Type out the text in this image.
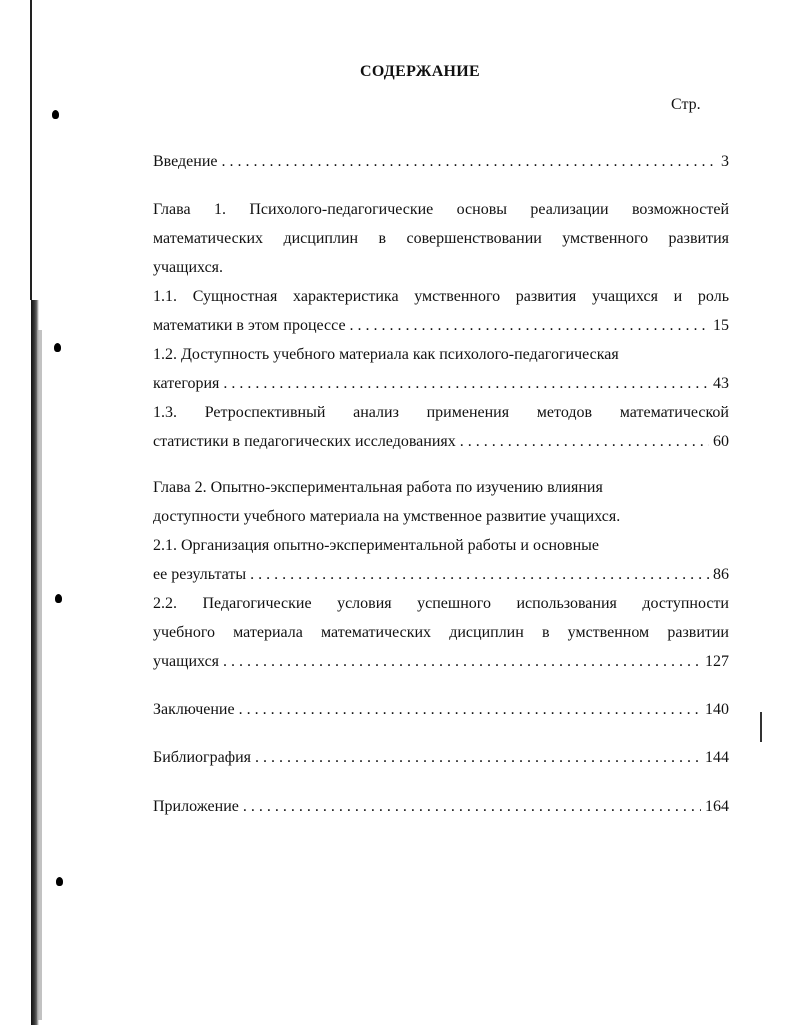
СОДЕРЖАНИЕ
Стр.
Введение . . .	3
Глава 1. Психолого-педагогические основы реализации возможностей
математических дисциплин в совершенствовании умственного развития
учащихся.
1.1. Сущностная характеристика умственного развития учащихся и роль
математики в этом процессе . . .	15
1.2. Доступность учебного материала как психолого-педагогическая
категория . . .	43
1.3. Ретроспективный анализ применения методов математической
статистики в педагогических исследованиях . . .	60
Глава 2. Опытно-экспериментальная работа по изучению влияния
доступности учебного материала на умственное развитие учащихся.
2.1. Организация опытно-экспериментальной работы и основные
ее результаты . . .	86
2.2. Педагогические условия успешного использования доступности
учебного материала математических дисциплин в умственном развитии
учащихся . . .	127
Заключение . . .	140
Библиография . . .	144
Приложение . . .	164
